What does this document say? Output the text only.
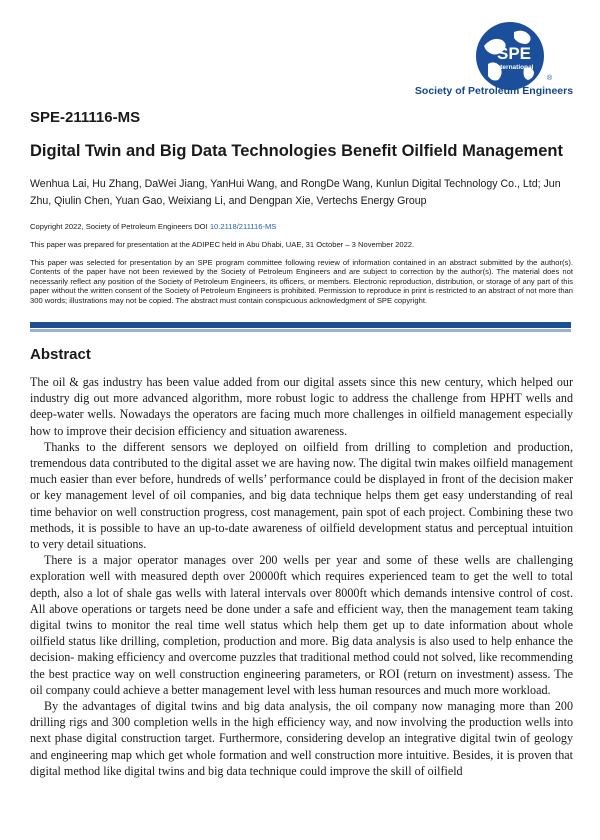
SPE
International
®
Society of Petroleum Engineers
SPE-211116-MS
Digital Twin and Big Data Technologies Benefit Oilfield Management
Wenhua Lai, Hu Zhang, DaWei Jiang, YanHui Wang, and RongDe Wang, Kunlun Digital Technology Co., Ltd; Jun Zhu, Qiulin Chen, Yuan Gao, Weixiang Li, and Dengpan Xie, Vertechs Energy Group
Copyright 2022, Society of Petroleum Engineers DOI 10.2118/211116-MS
This paper was prepared for presentation at the ADIPEC held in Abu Dhabi, UAE, 31 October – 3 November 2022.
This paper was selected for presentation by an SPE program committee following review of information contained in an abstract submitted by the author(s). Contents of the paper have not been reviewed by the Society of Petroleum Engineers and are subject to correction by the author(s). The material does not necessarily reflect any position of the Society of Petroleum Engineers, its officers, or members. Electronic reproduction, distribution, or storage of any part of this paper without the written consent of the Society of Petroleum Engineers is prohibited. Permission to reproduce in print is restricted to an abstract of not more than 300 words; illustrations may not be copied. The abstract must contain conspicuous acknowledgment of SPE copyright.
Abstract

The oil & gas industry has been value added from our digital assets since this new century, which helped our industry dig out more advanced algorithm, more robust logic to address the challenge from HPHT wells and deep-water wells. Nowadays the operators are facing much more challenges in oilfield management especially how to improve their decision efficiency and situation awareness.

Thanks to the different sensors we deployed on oilfield from drilling to completion and production, tremendous data contributed to the digital asset we are having now. The digital twin makes oilfield management much easier than ever before, hundreds of wells’ performance could be displayed in front of the decision maker or key management level of oil companies, and big data technique helps them get easy understanding of real time behavior on well construction progress, cost management, pain spot of each project. Combining these two methods, it is possible to have an up-to-date awareness of oilfield development status and perceptual intuition to very detail situations.

There is a major operator manages over 200 wells per year and some of these wells are challenging exploration well with measured depth over 20000ft which requires experienced team to get the well to total depth, also a lot of shale gas wells with lateral intervals over 8000ft which demands intensive control of cost. All above operations or targets need be done under a safe and efficient way, then the management team taking digital twins to monitor the real time well status which help them get up to date information about whole oilfield status like drilling, completion, production and more. Big data analysis is also used to help enhance the decision- making efficiency and overcome puzzles that traditional method could not solved, like recommending the best practice way on well construction engineering parameters, or ROI (return on investment) assess. The oil company could achieve a better management level with less human resources and much more workload.

By the advantages of digital twins and big data analysis, the oil company now managing more than 200 drilling rigs and 300 completion wells in the high efficiency way, and now involving the production wells into next phase digital construction target. Furthermore, considering develop an integrative digital twin of geology and engineering map which get whole formation and well construction more intuitive. Besides, it is proven that digital method like digital twins and big data technique could improve the skill of oilfield
